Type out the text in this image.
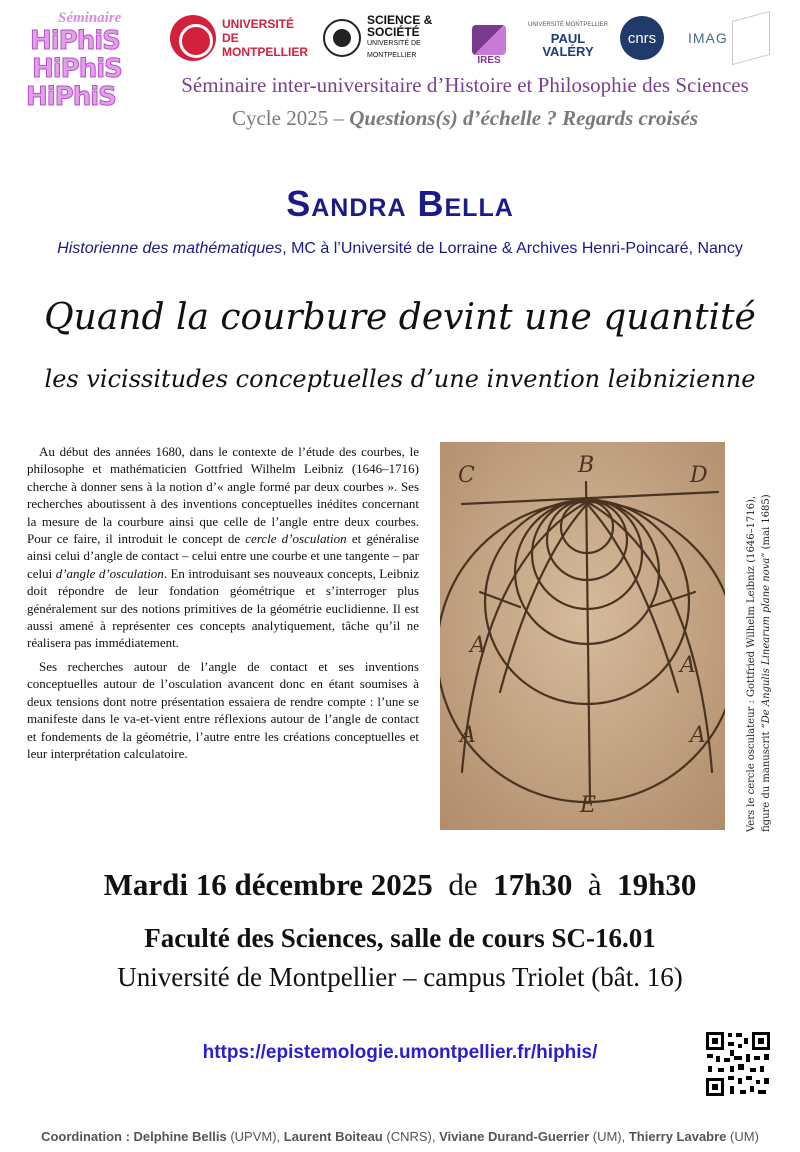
Séminaire
HiPhiS
HiPhiS
HiPhiS
UNIVERSITÉ DE MONTPELLIER
SCIENCE & SOCIÉTÉ
UNIVERSITÉ DE MONTPELLIER	IRES
UNIVERSITÉ MONTPELLIER
PAUL VALÉRY
cnrs	IMAG
Séminaire inter-universitaire d’Histoire et Philosophie des Sciences
Cycle 2025 – Questions(s) d’échelle ? Regards croisés
Sandra Bella
Historienne des mathématiques, MC à l’Université de Lorraine & Archives Henri-Poincaré, Nancy
Quand la courbure devint une quantité
les vicissitudes conceptuelles d’une invention leibnizienne

Au début des années 1680, dans le contexte de l’étude des courbes, le philosophe et mathématicien Gottfried Wilhelm Leibniz (1646–1716) cherche à donner sens à la notion d’« angle formé par deux courbes ». Ses recherches aboutissent à des inventions conceptuelles inédites concernant la mesure de la courbure ainsi que celle de l’angle entre deux courbes. Pour ce faire, il introduit le concept de cercle d’osculation et généralise ainsi celui d’angle de contact – celui entre une courbe et une tangente – par celui d’angle d’osculation. En introduisant ses nouveaux concepts, Leibniz doit répondre de leur fondation géométrique et s’interroger plus généralement sur des notions primitives de la géométrie euclidienne. Il est aussi amené à représenter ces concepts analytiquement, tâche qu’il ne réalisera pas immédiatement.

Ses recherches autour de l’angle de contact et ses inventions conceptuelles autour de l’osculation avancent donc en étant soumises à deux tensions dont notre présentation essaiera de rendre compte : l’une se manifeste dans le va-et-vient entre réflexions autour de l’angle de contact et fondements de la géométrie, l’autre entre les créations conceptuelles et leur interprétation calculatoire.

C	B	D
A
A
A
A
E	Vers le cercle osculateur : Gottfried Wilhelm Leibniz (1646–1716), figure du manuscrit “De Angulis Linearum plane nova” (mai 1685)
Mardi 16 décembre 2025 de 17h30 à 19h30
Faculté des Sciences, salle de cours SC-16.01
Université de Montpellier – campus Triolet (bât. 16)
https://epistemologie.umontpellier.fr/hiphis/
Coordination : Delphine Bellis (UPVM), Laurent Boiteau (CNRS), Viviane Durand-Guerrier (UM), Thierry Lavabre (UM)
